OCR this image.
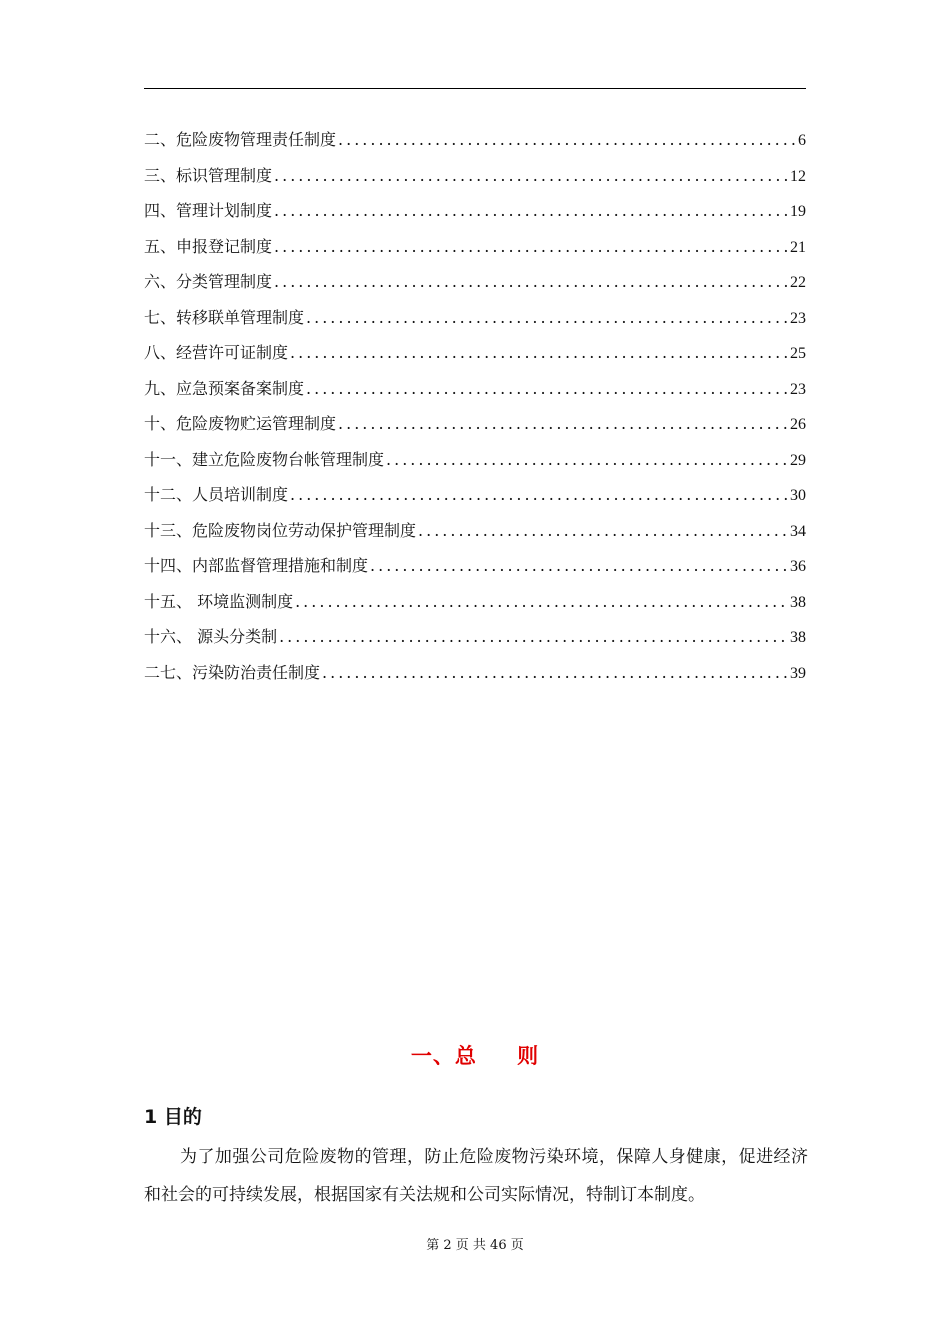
二、危险废物管理责任制度 .....	6
三、标识管理制度 .....	12
四、管理计划制度 .....	19
五、申报登记制度 .....	21
六、分类管理制度 .....	22
七、转移联单管理制度 .....	23
八、经营许可证制度 .....	25
九、应急预案备案制度 .....	23
十、危险废物贮运管理制度 .....	26
十一、建立危险废物台帐管理制度 .....	29
十二、人员培训制度 .....	30
十三、危险废物岗位劳动保护管理制度 .....	34
十四、内部监督管理措施和制度 .....	36
十五、 环境监测制度 .....	38
十六、 源头分类制 .....	38
二七、污染防治责任制度 .....	39
一、总 则
1 目的
为了加强公司危险废物的管理，防止危险废物污染环境，保障人身健康，促进经济和社会的可持续发展，根据国家有关法规和公司实际情况，特制订本制度。
第 2 页 共 46 页
